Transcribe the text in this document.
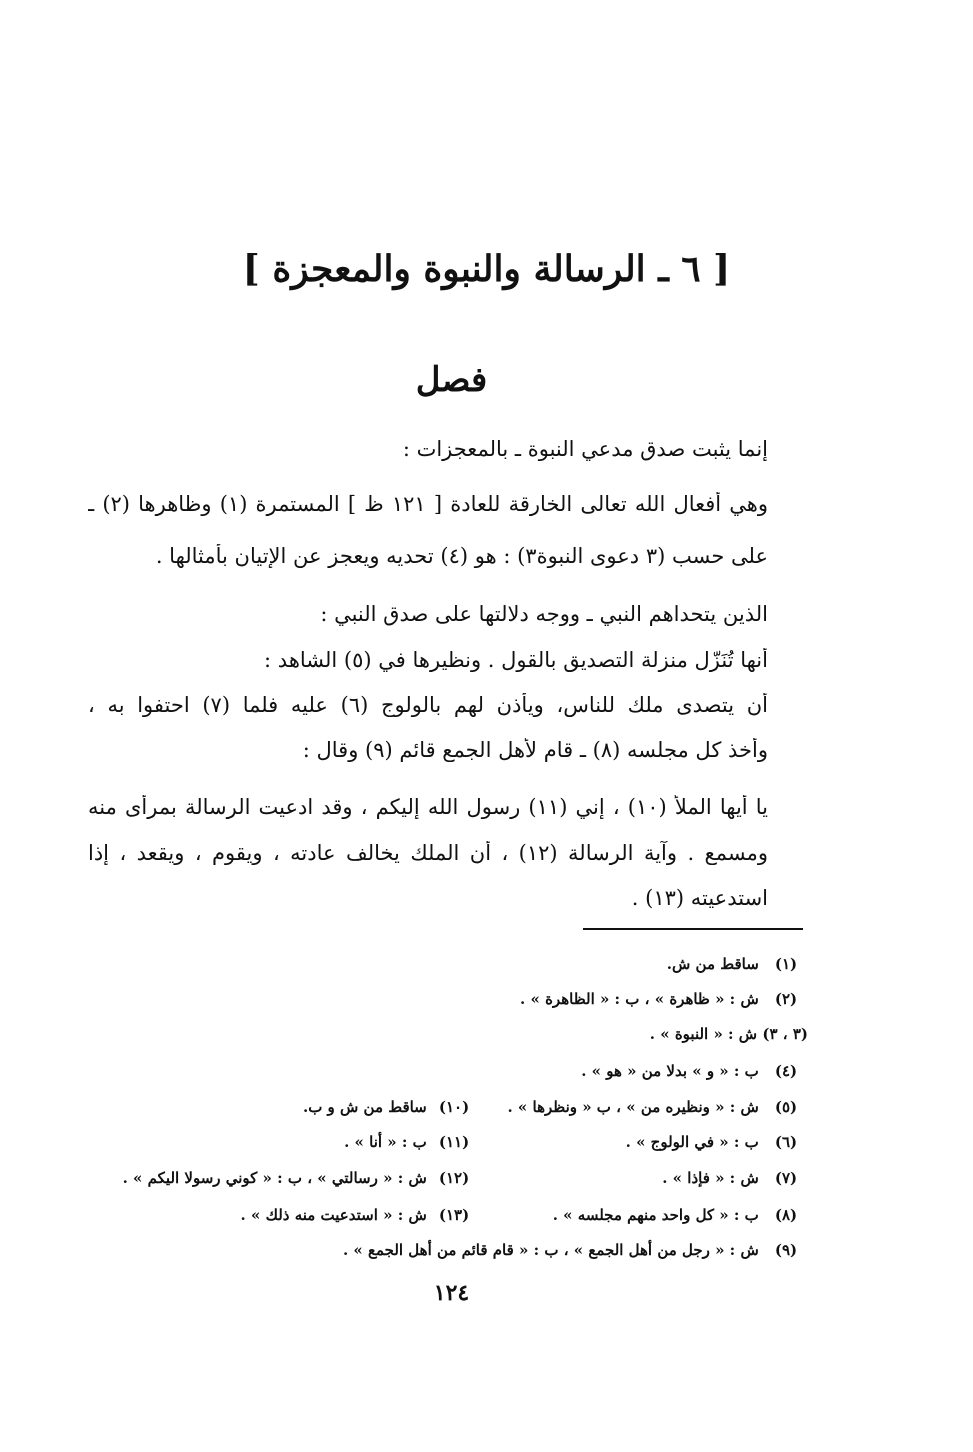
[ ٦ ـ الرسالة والنبوة والمعجزة ]
فصل
إنما يثبت صدق مدعي النبوة ـ بالمعجزات :
وهي أفعال الله تعالى الخارقة للعادة [ ١٢١ ظ ] المستمرة (١) وظاهرها (٢) ـ
على حسب (٣ دعوى النبوة٣) : هو (٤) تحديه ويعجز عن الإتيان بأمثالها .
الذين يتحداهم النبي ـ ووجه دلالتها على صدق النبي :
أنها تُنَزّل منزلة التصديق بالقول . ونظيرها في (٥) الشاهد :
أن يتصدى ملك للناس، ويأذن لهم بالولوج (٦) عليه فلما (٧) احتفوا به ،
وأخذ كل مجلسه (٨) ـ قام لأهل الجمع قائم (٩) وقال :
يا أيها الملأ (١٠) ، إني (١١) رسول الله إليكم ، وقد ادعيت الرسالة بمرأى منه
ومسمع . وآية الرسالة (١٢) ، أن الملك يخالف عادته ، ويقوم ، ويقعد ، إذا
استدعيته (١٣) .
(١) ساقط من ش.
(٢) ش : « ظاهرة » ، ب : « الظاهرة » .
(٣ ، ٣) ش : « النبوة » .
(٤) ب : « و » بدلا من « هو » .
(٥) ش : « ونظيره من » ، ب « ونظرها » .
(٦) ب : « في الولوج » .
(٧) ش : « فإذا » .
(٨) ب : « كل واحد منهم مجلسه » .
(٩) ش : « رجل من أهل الجمع » ، ب : « قام قائم من أهل الجمع » .
(١٠) ساقط من ش و ب.
(١١) ب : « أنا » .
(١٢) ش : « رسالتي » ، ب : « كوني رسولا اليكم » .
(١٣) ش : « استدعيت منه ذلك » .
١٢٤
